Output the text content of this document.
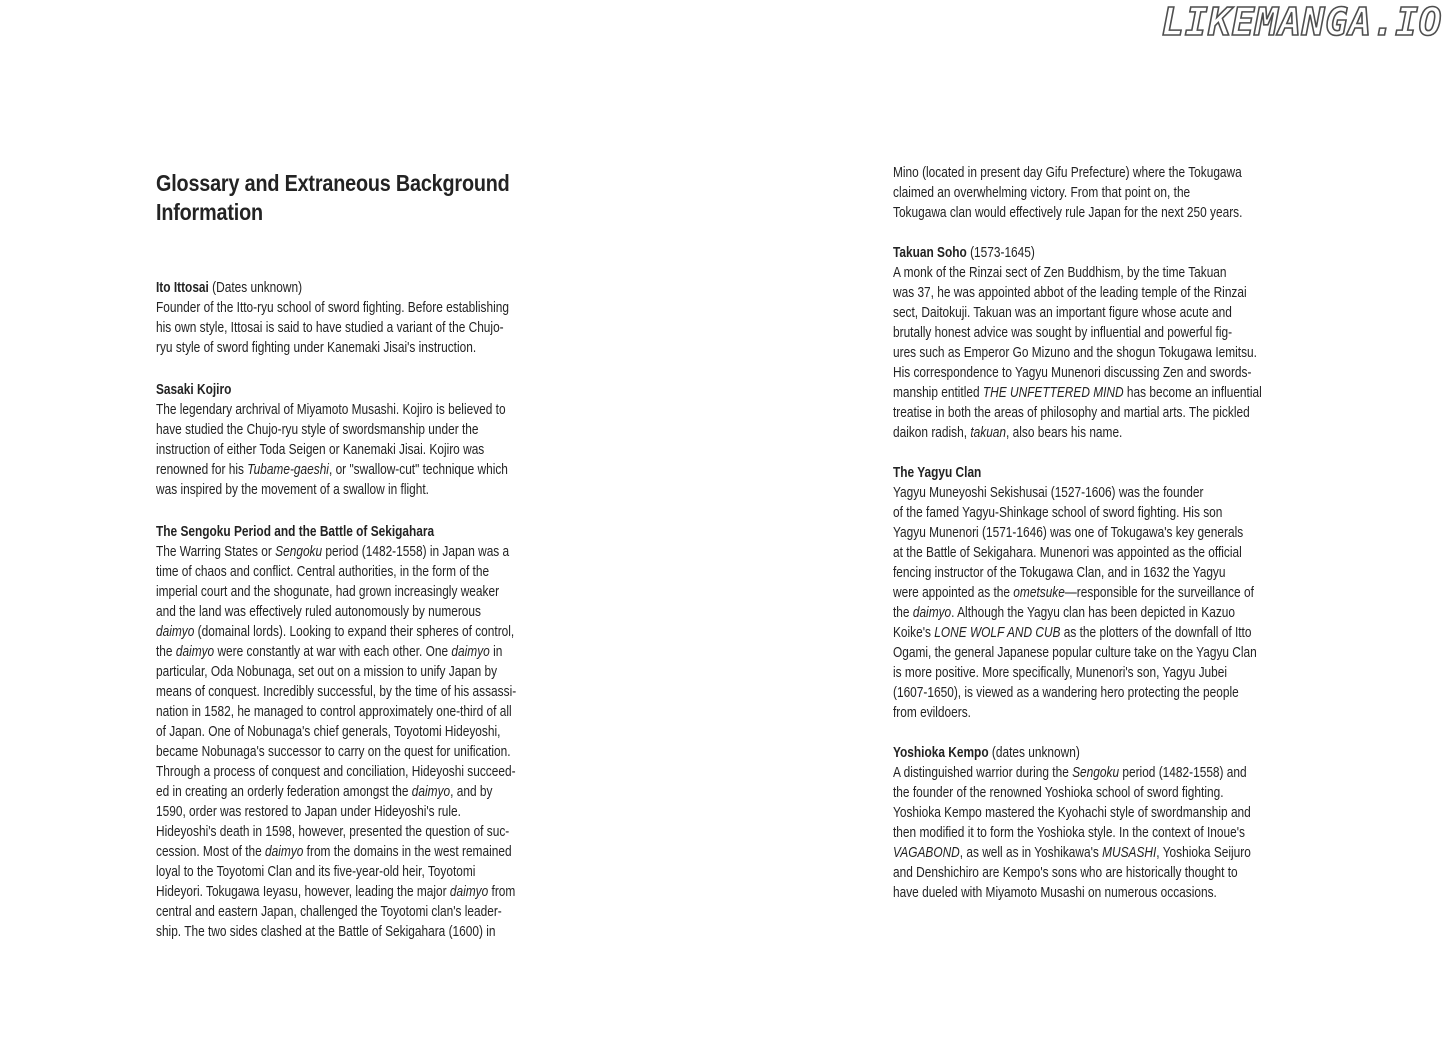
LIKEMANGA.IO
Glossary and Extraneous Background
Information
Ito Ittosai (Dates unknown)
Founder of the Itto-ryu school of sword fighting. Before establishing
his own style, Ittosai is said to have studied a variant of the Chujo-
ryu style of sword fighting under Kanemaki Jisai's instruction.
Sasaki Kojiro
The legendary archrival of Miyamoto Musashi. Kojiro is believed to
have studied the Chujo-ryu style of swordsmanship under the
instruction of either Toda Seigen or Kanemaki Jisai. Kojiro was
renowned for his Tubame-gaeshi, or "swallow-cut" technique which
was inspired by the movement of a swallow in flight.
The Sengoku Period and the Battle of Sekigahara
The Warring States or Sengoku period (1482-1558) in Japan was a
time of chaos and conflict. Central authorities, in the form of the
imperial court and the shogunate, had grown increasingly weaker
and the land was effectively ruled autonomously by numerous
daimyo (domainal lords). Looking to expand their spheres of control,
the daimyo were constantly at war with each other. One daimyo in
particular, Oda Nobunaga, set out on a mission to unify Japan by
means of conquest. Incredibly successful, by the time of his assassi-
nation in 1582, he managed to control approximately one-third of all
of Japan. One of Nobunaga's chief generals, Toyotomi Hideyoshi,
became Nobunaga's successor to carry on the quest for unification.
Through a process of conquest and conciliation, Hideyoshi succeed-
ed in creating an orderly federation amongst the daimyo, and by
1590, order was restored to Japan under Hideyoshi's rule.
Hideyoshi's death in 1598, however, presented the question of suc-
cession. Most of the daimyo from the domains in the west remained
loyal to the Toyotomi Clan and its five-year-old heir, Toyotomi
Hideyori. Tokugawa Ieyasu, however, leading the major daimyo from
central and eastern Japan, challenged the Toyotomi clan's leader-
ship. The two sides clashed at the Battle of Sekigahara (1600) in
Mino (located in present day Gifu Prefecture) where the Tokugawa
claimed an overwhelming victory. From that point on, the
Tokugawa clan would effectively rule Japan for the next 250 years.
Takuan Soho (1573-1645)
A monk of the Rinzai sect of Zen Buddhism, by the time Takuan
was 37, he was appointed abbot of the leading temple of the Rinzai
sect, Daitokuji. Takuan was an important figure whose acute and
brutally honest advice was sought by influential and powerful fig-
ures such as Emperor Go Mizuno and the shogun Tokugawa Iemitsu.
His correspondence to Yagyu Munenori discussing Zen and swords-
manship entitled THE UNFETTERED MIND has become an influential
treatise in both the areas of philosophy and martial arts. The pickled
daikon radish, takuan, also bears his name.
The Yagyu Clan
Yagyu Muneyoshi Sekishusai (1527-1606) was the founder
of the famed Yagyu-Shinkage school of sword fighting. His son
Yagyu Munenori (1571-1646) was one of Tokugawa's key generals
at the Battle of Sekigahara. Munenori was appointed as the official
fencing instructor of the Tokugawa Clan, and in 1632 the Yagyu
were appointed as the ometsuke—responsible for the surveillance of
the daimyo. Although the Yagyu clan has been depicted in Kazuo
Koike's LONE WOLF AND CUB as the plotters of the downfall of Itto
Ogami, the general Japanese popular culture take on the Yagyu Clan
is more positive. More specifically, Munenori's son, Yagyu Jubei
(1607-1650), is viewed as a wandering hero protecting the people
from evildoers.
Yoshioka Kempo (dates unknown)
A distinguished warrior during the Sengoku period (1482-1558) and
the founder of the renowned Yoshioka school of sword fighting.
Yoshioka Kempo mastered the Kyohachi style of swordmanship and
then modified it to form the Yoshioka style. In the context of Inoue's
VAGABOND, as well as in Yoshikawa's MUSASHI, Yoshioka Seijuro
and Denshichiro are Kempo's sons who are historically thought to
have dueled with Miyamoto Musashi on numerous occasions.
